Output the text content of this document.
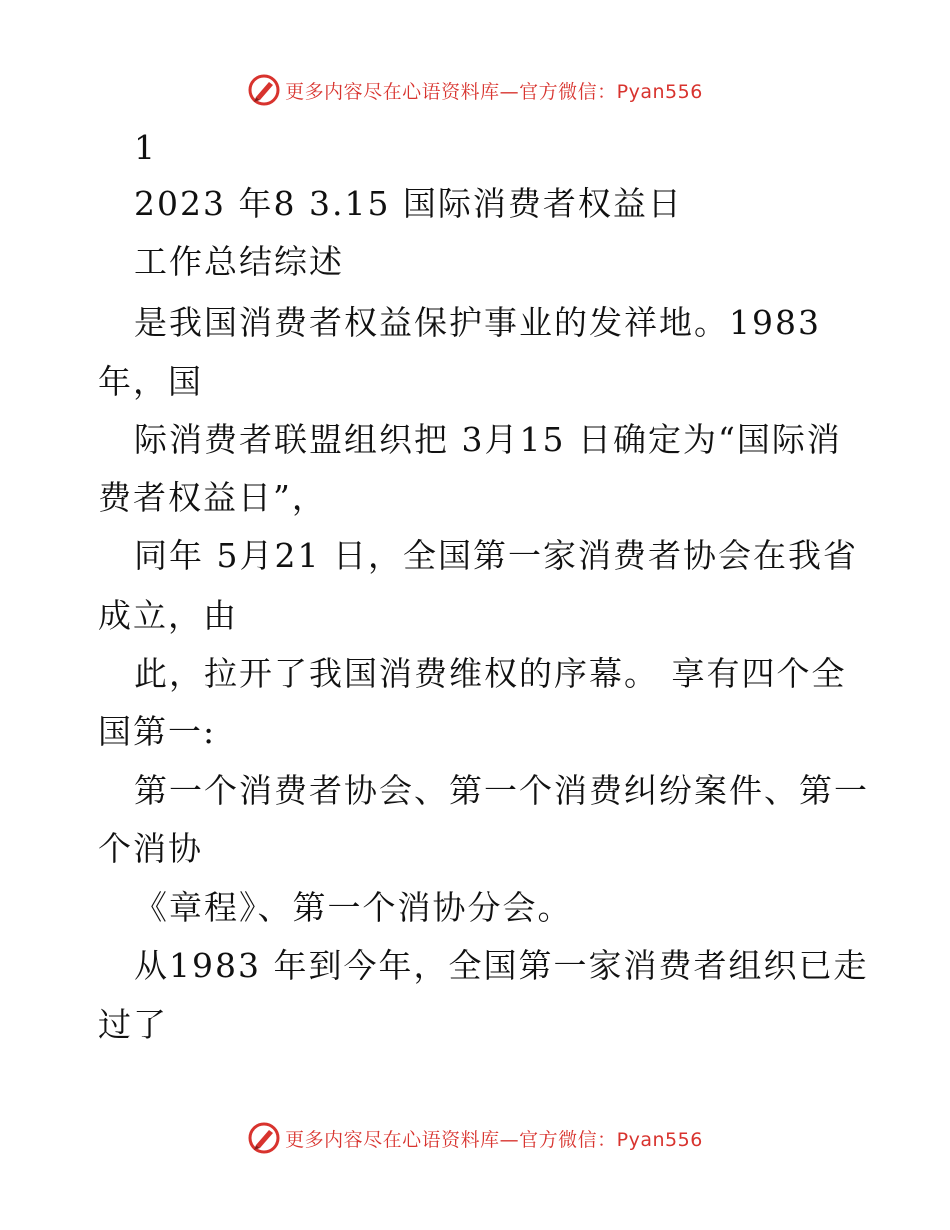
更多内容尽在心语资料库—官方微信：Pyan556
1
2023 年8 3.15 国际消费者权益日
工作总结综述
是我国消费者权益保护事业的发祥地。1983
年，国
际消费者联盟组织把 3月15 日确定为“国际消
费者权益日”，
同年 5月21 日，全国第一家消费者协会在我省
成立，由
此，拉开了我国消费维权的序幕。 享有四个全
国第一:
第一个消费者协会、第一个消费纠纷案件、第一
个消协
《章程》、第一个消协分会。
从1983 年到今年，全国第一家消费者组织已走
过了
更多内容尽在心语资料库—官方微信：Pyan556
